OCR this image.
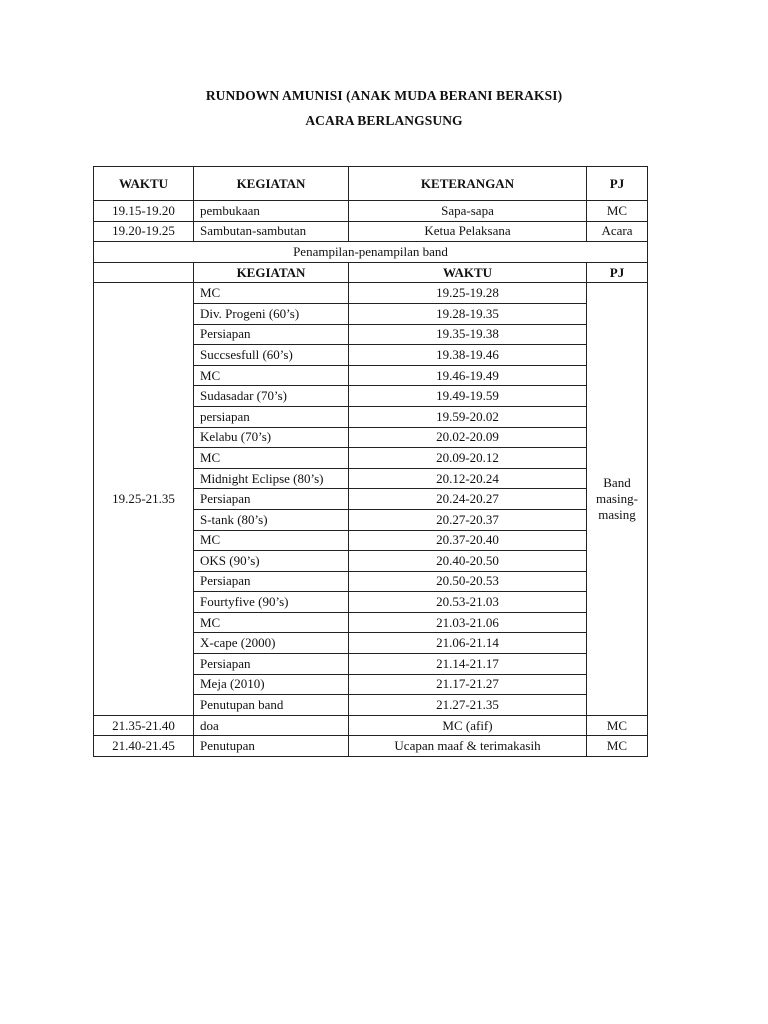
RUNDOWN AMUNISI (ANAK MUDA BERANI BERAKSI)
ACARA BERLANGSUNG
WAKTU	KEGIATAN	KETERANGAN	PJ
19.15-19.20	pembukaan	Sapa-sapa	MC
19.20-19.25	Sambutan-sambutan	Ketua Pelaksana	Acara
Penampilan-penampilan band			
	KEGIATAN	WAKTU	PJ
19.25-21.35	MC	19.25-19.28	Band masing-masing
	Div. Progeni (60’s)	19.28-19.35	
	Persiapan	19.35-19.38	
	Succsesfull (60’s)	19.38-19.46	
	MC	19.46-19.49	
	Sudasadar (70’s)	19.49-19.59	
	persiapan	19.59-20.02	
	Kelabu (70’s)	20.02-20.09	
	MC	20.09-20.12	
	Midnight Eclipse (80’s)	20.12-20.24	
	Persiapan	20.24-20.27	
	S-tank (80’s)	20.27-20.37	
	MC	20.37-20.40	
	OKS (90’s)	20.40-20.50	
	Persiapan	20.50-20.53	
	Fourtyfive (90’s)	20.53-21.03	
	MC	21.03-21.06	
	X-cape (2000)	21.06-21.14	
	Persiapan	21.14-21.17	
	Meja (2010)	21.17-21.27	
	Penutupan band	21.27-21.35	
21.35-21.40	doa	MC (afif)	MC
21.40-21.45	Penutupan	Ucapan maaf & terimakasih	MC
